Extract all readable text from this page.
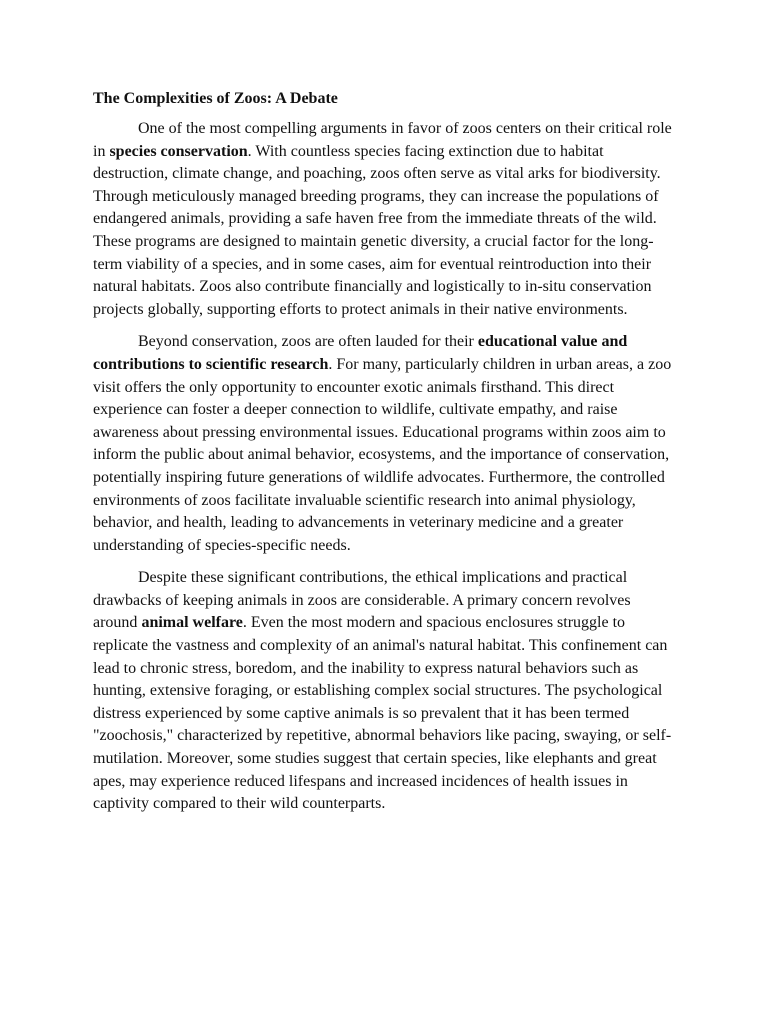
The Complexities of Zoos: A Debate

One of the most compelling arguments in favor of zoos centers on their critical role in species conservation. With countless species facing extinction due to habitat destruction, climate change, and poaching, zoos often serve as vital arks for biodiversity. Through meticulously managed breeding programs, they can increase the populations of endangered animals, providing a safe haven free from the immediate threats of the wild. These programs are designed to maintain genetic diversity, a crucial factor for the long-term viability of a species, and in some cases, aim for eventual reintroduction into their natural habitats. Zoos also contribute financially and logistically to in-situ conservation projects globally, supporting efforts to protect animals in their native environments.

Beyond conservation, zoos are often lauded for their educational value and contributions to scientific research. For many, particularly children in urban areas, a zoo visit offers the only opportunity to encounter exotic animals firsthand. This direct experience can foster a deeper connection to wildlife, cultivate empathy, and raise awareness about pressing environmental issues. Educational programs within zoos aim to inform the public about animal behavior, ecosystems, and the importance of conservation, potentially inspiring future generations of wildlife advocates. Furthermore, the controlled environments of zoos facilitate invaluable scientific research into animal physiology, behavior, and health, leading to advancements in veterinary medicine and a greater understanding of species-specific needs.

Despite these significant contributions, the ethical implications and practical drawbacks of keeping animals in zoos are considerable. A primary concern revolves around animal welfare. Even the most modern and spacious enclosures struggle to replicate the vastness and complexity of an animal's natural habitat. This confinement can lead to chronic stress, boredom, and the inability to express natural behaviors such as hunting, extensive foraging, or establishing complex social structures. The psychological distress experienced by some captive animals is so prevalent that it has been termed "zoochosis," characterized by repetitive, abnormal behaviors like pacing, swaying, or self-mutilation. Moreover, some studies suggest that certain species, like elephants and great apes, may experience reduced lifespans and increased incidences of health issues in captivity compared to their wild counterparts.
